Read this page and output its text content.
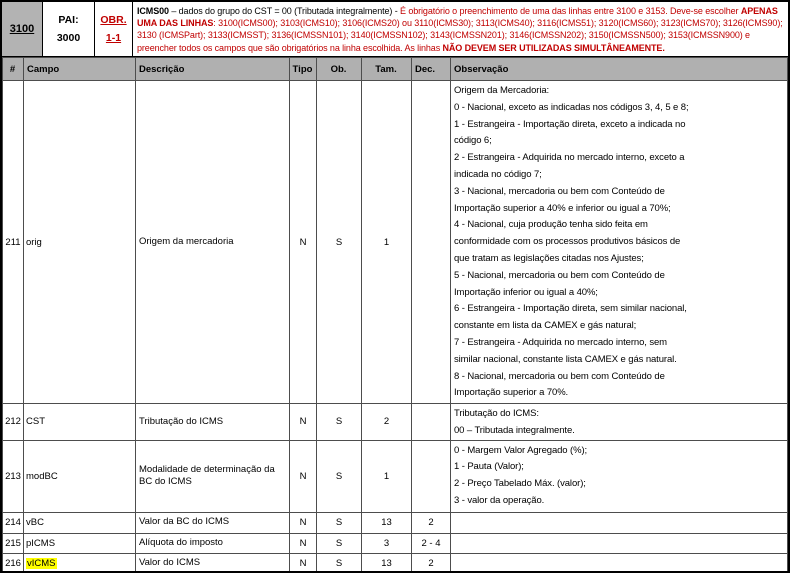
3100
PAI:
3000
OBR.
1-1
ICMS00 – dados do grupo do CST = 00 (Tributada integralmente) - É obrigatório o preenchimento de uma das linhas entre 3100 e 3153. Deve-se escolher APENAS UMA DAS LINHAS: 3100(ICMS00); 3103(ICMS10); 3106(ICMS20) ou 3110(ICMS30); 3113(ICMS40); 3116(ICMS51); 3120(ICMS60); 3123(ICMS70); 3126(ICMS90); 3130 (ICMSPart); 3133(ICMSST); 3136(ICMSSN101); 3140(ICMSSN102); 3143(ICMSSN201); 3146(ICMSSN202); 3150(ICMSSN500); 3153(ICMSSN900) e preencher todos os campos que são obrigatórios na linha escolhida. As linhas NÃO DEVEM SER UTILIZADAS SIMULTÂNEAMENTE.
#	Campo	Descrição	Tipo	Ob.	Tam.	Dec.	Observação
211	orig	Origem da mercadoria	N	S	1		
Origem da Mercadoria:
0 - Nacional, exceto as indicadas nos códigos 3, 4, 5 e 8;
1 - Estrangeira - Importação direta, exceto a indicada no
código 6;
2 - Estrangeira - Adquirida no mercado interno, exceto a
indicada no código 7;
3 - Nacional, mercadoria ou bem com Conteúdo de
Importação superior a 40% e inferior ou igual a 70%;
4 - Nacional, cuja produção tenha sido feita em
conformidade com os processos produtivos básicos de
que tratam as legislações citadas nos Ajustes;
5 - Nacional, mercadoria ou bem com Conteúdo de
Importação inferior ou igual a 40%;
6 - Estrangeira - Importação direta, sem similar nacional,
constante em lista da CAMEX e gás natural;
7 - Estrangeira - Adquirida no mercado interno, sem
similar nacional, constante lista CAMEX e gás natural.
8 - Nacional, mercadoria ou bem com Conteúdo de
Importação superior a 70%.

212	CST	Tributação do ICMS	N	S	2		Tributação do ICMS:
00 – Tributada integralmente.

213	modBC	Modalidade de determinação da BC do ICMS	N	S	1		0 - Margem Valor Agregado (%);
1 - Pauta (Valor);
2 - Preço Tabelado Máx. (valor);
3 - valor da operação.

214	vBC	Valor da BC do ICMS	N	S	13	2	
215	pICMS	Alíquota do imposto	N	S	3	2 - 4	
216	vICMS	Valor do ICMS	N	S	13	2	
